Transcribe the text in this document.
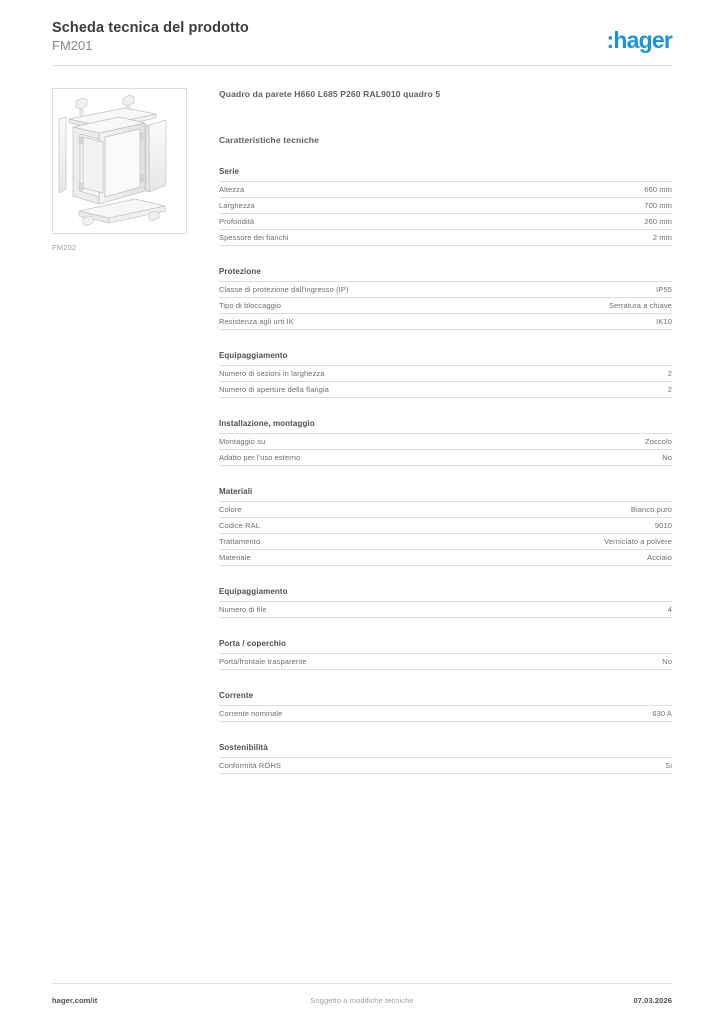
Scheda tecnica del prodotto
FM201	:hager
FM202
Quadro da parete H660 L685 P260 RAL9010 quadro 5
Caratteristiche tecniche
Serie
Altezza	660 mm
Larghezza	700 mm
Profondità	260 mm
Spessore dei fianchi	2 mm
Protezione
Classe di protezione dall'ingresso (IP)	IP55
Tipo di bloccaggio	Serratura a chiave
Resistenza agli urti IK	IK10
Equipaggiamento
Numero di sezioni in larghezza	2
Numero di aperture della flangia	2
Installazione, montaggio
Montaggio su	Zoccolo
Adatto per l'uso esterno	No
Materiali
Colore	Bianco puro
Codice RAL	9010
Trattamento	Verniciato a polvere
Materiale	Acciaio
Equipaggiamento
Numero di file	4
Porta / coperchio
Porta/frontale trasparente	No
Corrente
Corrente nominale	630 A
Sostenibilità
Conformità ROHS	Si
hager.com/it	Soggetto a modifiche tecniche	07.03.2026
